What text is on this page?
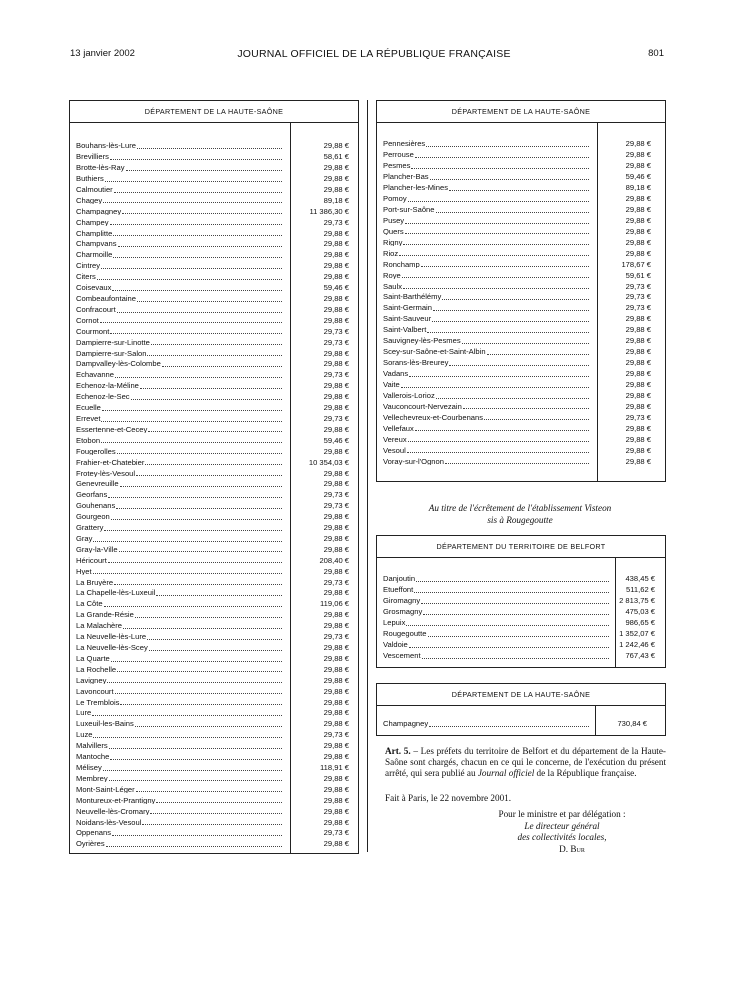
13 janvier 2002	JOURNAL OFFICIEL DE LA RÉPUBLIQUE FRANÇAISE	801
DÉPARTEMENT DE LA HAUTE-SAÔNE
Bouhans-lès-Lure	29,88 €
Brevilliers	58,61 €
Brotte-lès-Ray	29,88 €
Buthiers	29,88 €
Calmoutier	29,88 €
Chagey	89,18 €
Champagney	11 386,30 €
Champey	29,73 €
Champlitte	29,88 €
Champvans	29,88 €
Charmoille	29,88 €
Cintrey	29,88 €
Citers	29,88 €
Coisevaux	59,46 €
Combeaufontaine	29,88 €
Confracourt	29,88 €
Cornot	29,88 €
Courmont	29,73 €
Dampierre-sur-Linotte	29,73 €
Dampierre-sur-Salon	29,88 €
Dampvalley-lès-Colombe	29,88 €
Echavanne	29,73 €
Echenoz-la-Méline	29,88 €
Echenoz-le-Sec	29,88 €
Ecuelle	29,88 €
Errevet	29,73 €
Essertenne-et-Cecey	29,88 €
Etobon	59,46 €
Fougerolles	29,88 €
Frahier-et-Chatebier	10 354,03 €
Frotey-lès-Vesoul	29,88 €
Genevreuille	29,88 €
Georfans	29,73 €
Gouhenans	29,73 €
Gourgeon	29,88 €
Grattery	29,88 €
Gray	29,88 €
Gray-la-Ville	29,88 €
Héricourt	208,40 €
Hyet	29,88 €
La Bruyère	29,73 €
La Chapelle-lès-Luxeuil	29,88 €
La Côte	119,06 €
La Grande-Résie	29,88 €
La Malachère	29,88 €
La Neuvelle-lès-Lure	29,73 €
La Neuvelle-lès-Scey	29,88 €
La Quarte	29,88 €
La Rochelle	29,88 €
Lavigney	29,88 €
Lavoncourt	29,88 €
Le Tremblois	29,88 €
Lure	29,88 €
Luxeuil-les-Bains	29,88 €
Luze	29,73 €
Malvillers	29,88 €
Mantoche	29,88 €
Mélisey	118,91 €
Membrey	29,88 €
Mont-Saint-Léger	29,88 €
Montureux-et-Prantigny	29,88 €
Neuvelle-lès-Cromary	29,88 €
Noidans-lès-Vesoul	29,88 €
Oppenans	29,73 €
Oyrières	29,88 €
DÉPARTEMENT DE LA HAUTE-SAÔNE
Pennesières	29,88 €
Perrouse	29,88 €
Pesmes	29,88 €
Plancher-Bas	59,46 €
Plancher-les-Mines	89,18 €
Pomoy	29,88 €
Port-sur-Saône	29,88 €
Pusey	29,88 €
Quers	29,88 €
Rigny	29,88 €
Rioz	29,88 €
Ronchamp	178,67 €
Roye	59,61 €
Saulx	29,73 €
Saint-Barthélémy	29,73 €
Saint-Germain	29,73 €
Saint-Sauveur	29,88 €
Saint-Valbert	29,88 €
Sauvigney-lès-Pesmes	29,88 €
Scey-sur-Saône-et-Saint-Albin	29,88 €
Sorans-lès-Breurey	29,88 €
Vadans	29,88 €
Vaite	29,88 €
Vallerois-Lorioz	29,88 €
Vauconcourt-Nervezain	29,88 €
Vellechevreux-et-Courbenans	29,73 €
Vellefaux	29,88 €
Vereux	29,88 €
Vesoul	29,88 €
Voray-sur-l'Ognon	29,88 €
Au titre de l'écrêtement de l'établissement Visteon
sis à Rougegoutte
DÉPARTEMENT DU TERRITOIRE DE BELFORT
Danjoutin	438,45 €
Etueffont	511,62 €
Giromagny	2 813,75 €
Grosmagny	475,03 €
Lepuix	986,65 €
Rougegoutte	1 352,07 €
Valdoie	1 242,46 €
Vescement	767,43 €
DÉPARTEMENT DE LA HAUTE-SAÔNE
Champagney	730,84 €
Art. 5. – Les préfets du territoire de Belfort et du département de la Haute-Saône sont chargés, chacun en ce qui le concerne, de l'exécution du présent arrêté, qui sera publié au Journal officiel de la République française.
Fait à Paris, le 22 novembre 2001.
Pour le ministre et par délégation :
Le directeur général
des collectivités locales,
D. Bur
